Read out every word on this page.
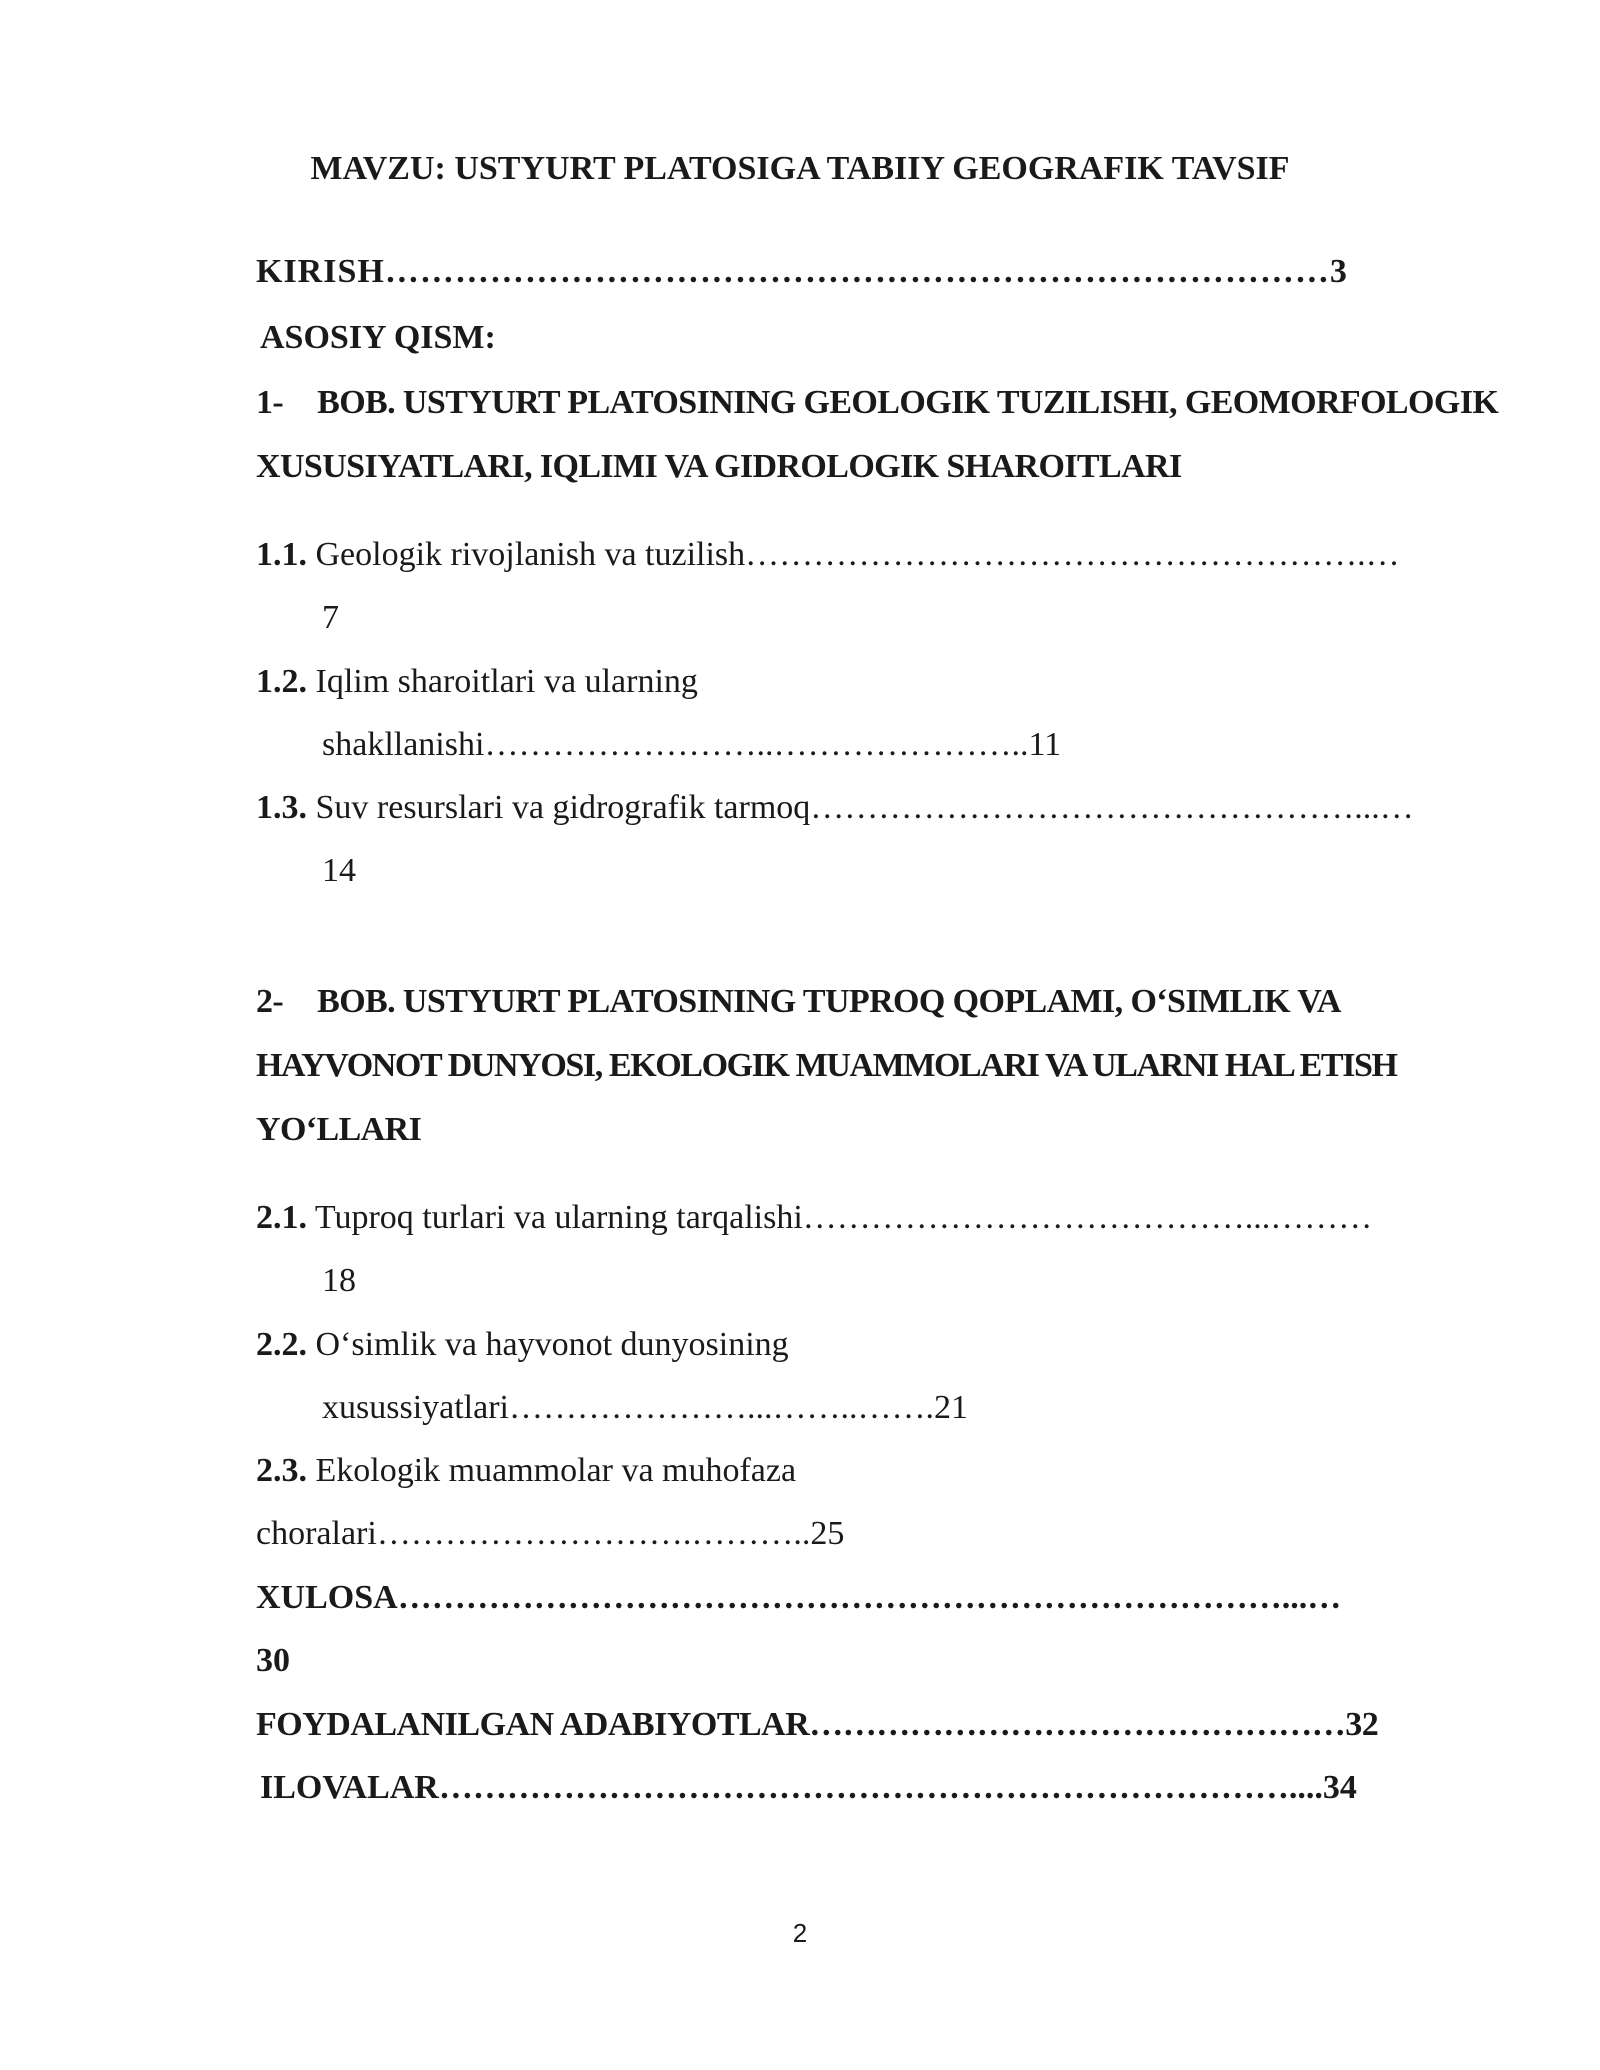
MAVZU: USTYURT PLATOSIGA TABIIY GEOGRAFIK TAVSIF
KIRISH………………………………………………………………………3
ASOSIY QISM:
1- BOB. USTYURT PLATOSINING GEOLOGIK TUZILISHI, GEOMORFOLOGIK
XUSUSIYATLARI, IQLIMI VA GIDROLOGIK SHAROITLARI
1.1. Geologik rivojlanish va tuzilish……………………………………………….…
7
1.2. Iqlim sharoitlari va ularning
shakllanishi……………………..…………………..11
1.3. Suv resurslari va gidrografik tarmoq…………………………………………...…
14
2- BOB. USTYURT PLATOSINING TUPROQ QOPLAMI, O‘SIMLIK VA
HAYVONOT DUNYOSI, EKOLOGIK MUAMMOLARI VA ULARNI HAL ETISH
YO‘LLARI
2.1. Tuproq turlari va ularning tarqalishi…………………………………...………
18
2.2. O‘simlik va hayvonot dunyosining
xusussiyatlari…………………...……..…….21
2.3. Ekologik muammolar va muhofaza
choralari……………………….………..25
XULOSA……………………………………………………………………...…
30
FOYDALANILGAN ADABIYOTLAR…………………………………………32
ILOVALAR…………………………………………………………………....34
2
